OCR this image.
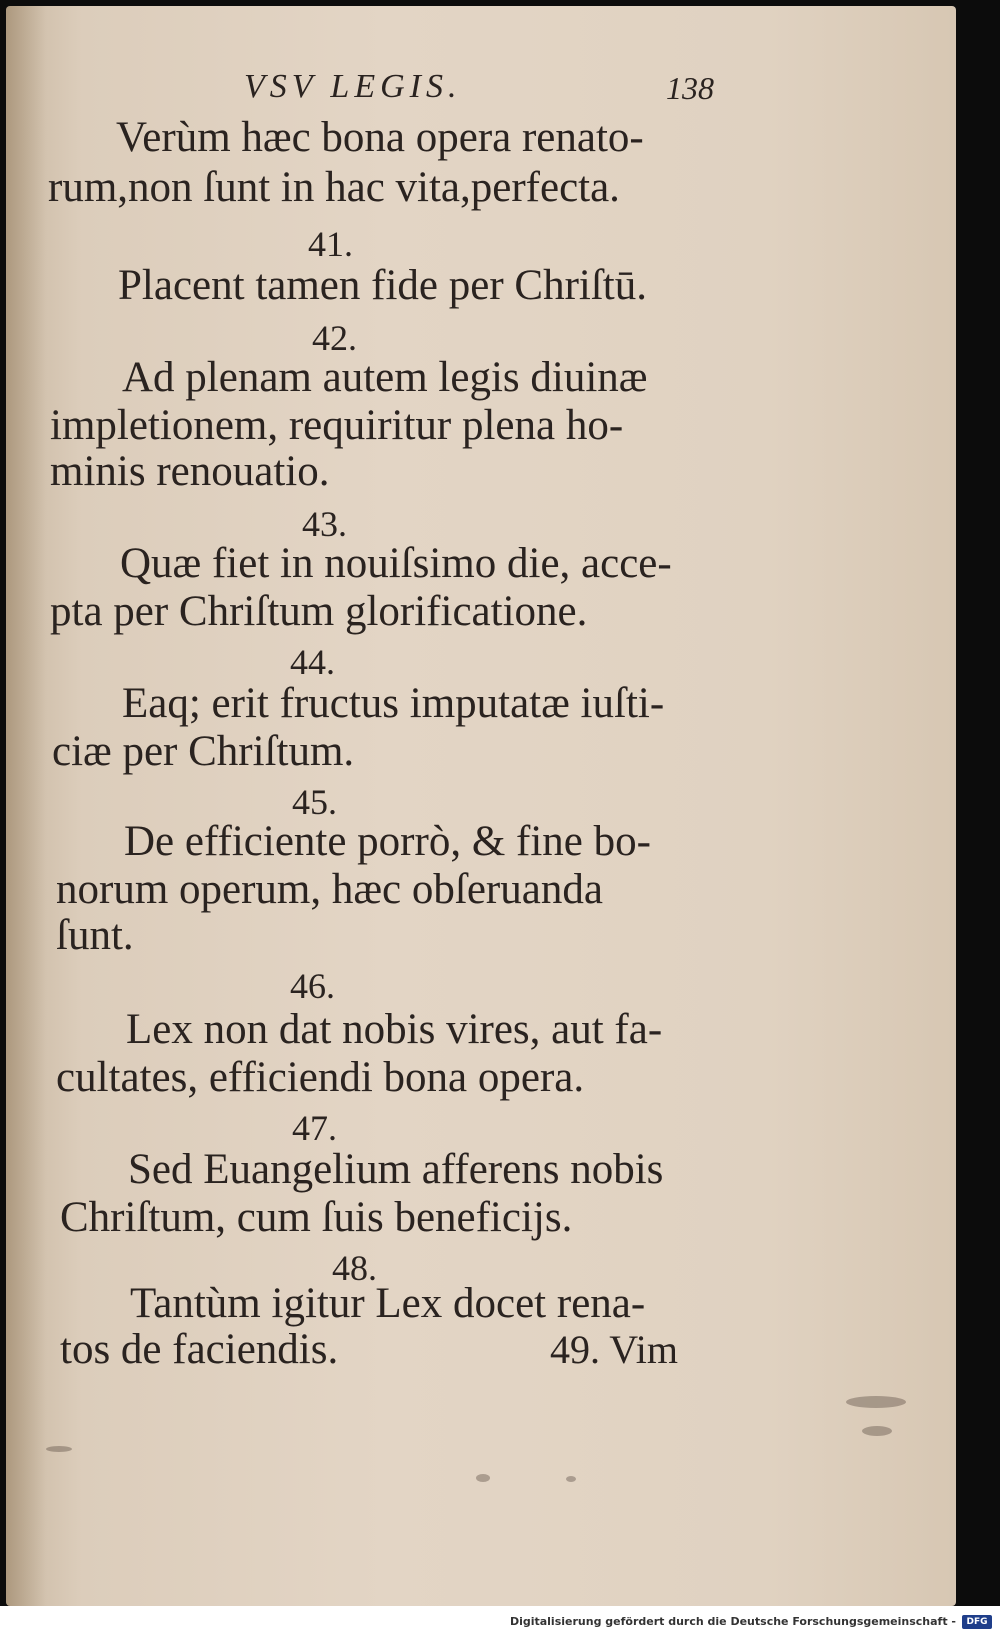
VSV LEGIS.	138
Verùm hæc bona opera renato-
rum,non ſunt in hac vita,perfecta.
41.
Placent tamen fide per Chriſtū.
42.
Ad plenam autem legis diuinæ
impletionem, requiritur plena ho-
minis renouatio.
43.
Quæ fiet in nouiſsimo die, acce-
pta per Chriſtum glorificatione.
44.
Eaq; erit fructus imputatæ iuſti-
ciæ per Chriſtum.
45.
De efficiente porrò, & fine bo-
norum operum, hæc obſeruanda
ſunt.
46.
Lex non dat nobis vires, aut fa-
cultates, efficiendi bona opera.
47.
Sed Euangelium afferens nobis
Chriſtum, cum ſuis beneficijs.
48.
Tantùm igitur Lex docet rena-
tos de faciendis.	49. Vim
Digitalisierung gefördert durch die Deutsche Forschungsgemeinschaft -	DFG
